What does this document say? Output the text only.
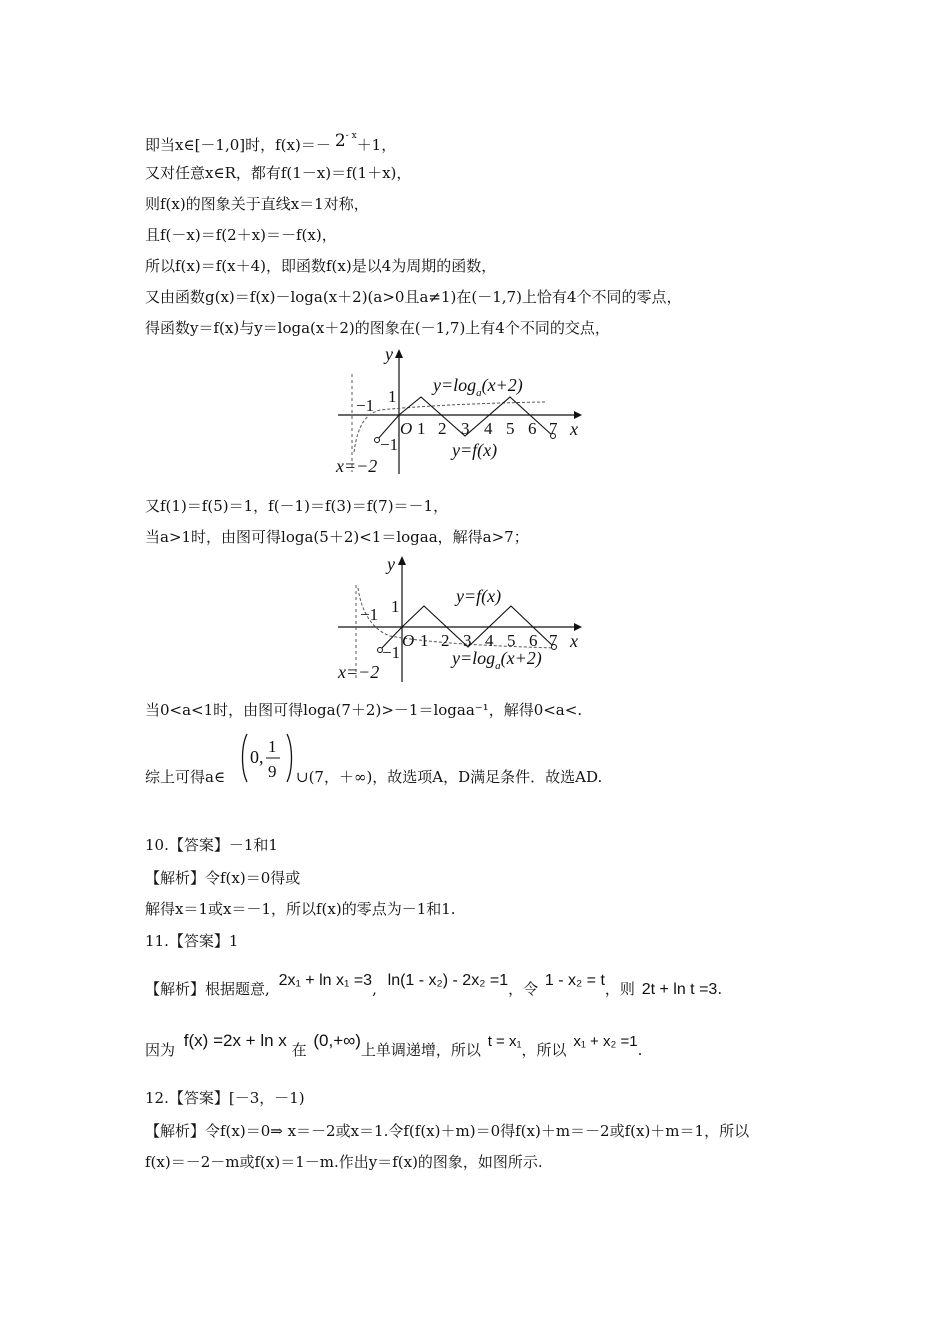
即当x∈[－1,0]时，$f(x)=- 2^{- x}+1$，
又对任意x∈R，都有f(1－x)＝f(1＋x)，
则f(x)的图象关于直线x＝1对称，
且f(－x)＝f(2＋x)＝－f(x)，
所以f(x)＝f(x＋4)，即函数f(x)是以4为周期的函数，
又由函数g(x)＝f(x)－loga(x＋2)(a>0且a≠1)在(－1,7)上恰有4个不同的零点，
得函数y＝f(x)与y＝loga(x＋2)的图象在(－1,7)上有4个不同的交点，
y
x
O
−1 1
−1
1 2 3 4 5 6 7
$y=\log_a(x+2)$
y=f(x)
x=−2
又f(1)＝f(5)＝1，f(－1)＝f(3)＝f(7)＝－1，
当a>1时，由图可得loga(5＋2)<1＝logaa，解得a>7；
y
x
O
−1 1
−1
1 2 3 4 5 6 7
y=f(x)
$y=\log_a(x+2)$
x=−2
当0<a<1时，由图可得loga(7＋2)>－1＝logaa⁻¹，解得0<a<.
综上可得a∈
0,
1
9 ∪(7，＋∞)，故选项A，D满足条件．故选AD.
10.【答案】－1和1
【解析】令f(x)＝0得或
解得x＝1或x＝－1，所以f(x)的零点为－1和1.
11.【答案】1
【解析】根据题意, 2x₁ + ln x₁ =3, ln(1 - x₂) - 2x₂ =1，令 1 - x₂ = t，则 2t + ln t =3.
因为 f(x) =2x + ln x 在 (0,+∞)上单调递增，所以 t = x₁，所以 x₁ + x₂ =1.
12.【答案】[－3，－1)
【解析】令f(x)＝0⇒ x＝－2或x＝1.令f(f(x)＋m)＝0得f(x)＋m＝－2或f(x)＋m＝1，所以
f(x)＝－2－m或f(x)＝1－m.作出y＝f(x)的图象，如图所示.
